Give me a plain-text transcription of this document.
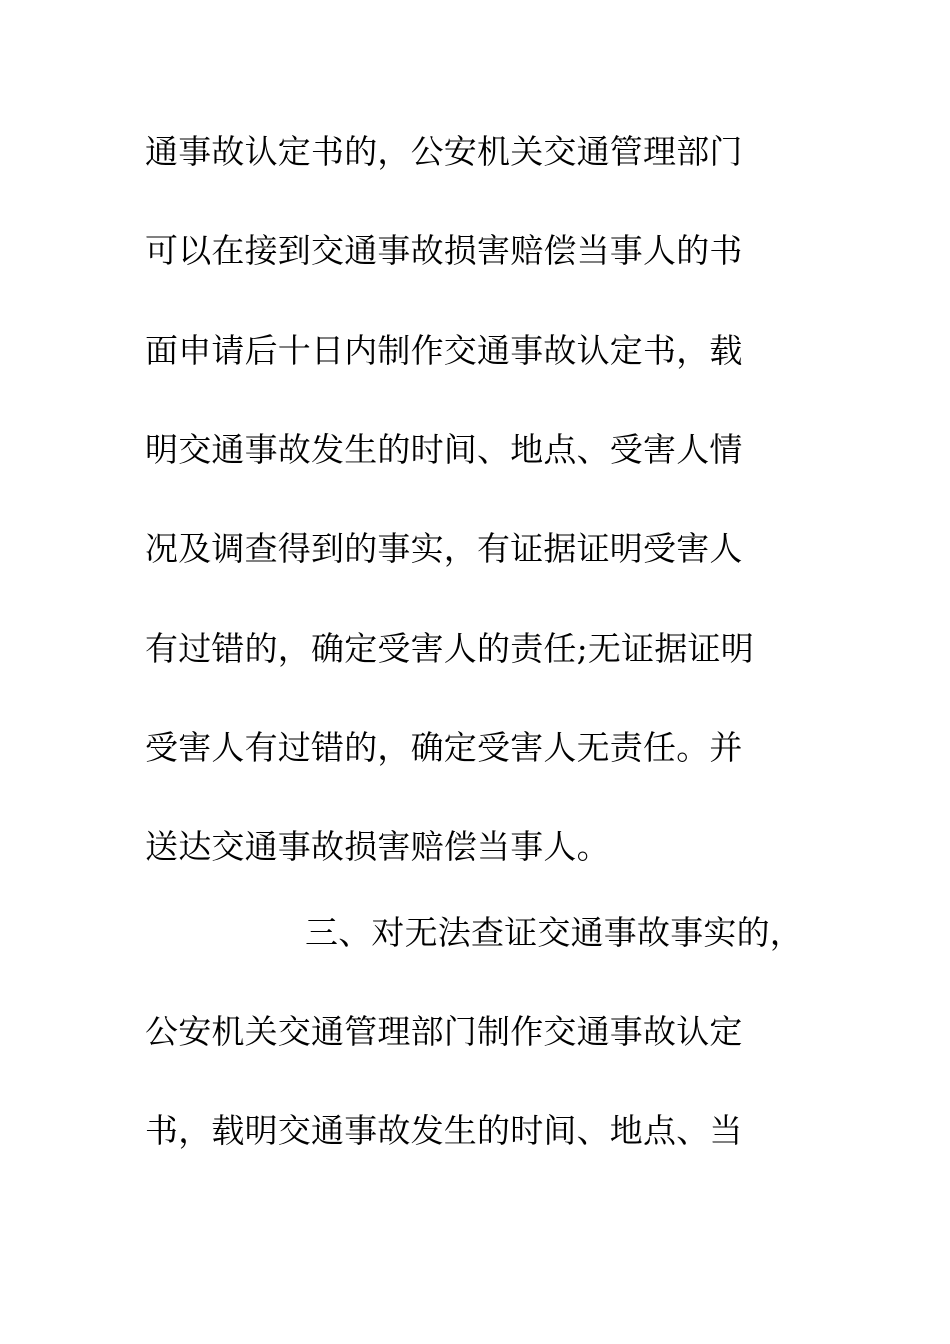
通事故认定书的，公安机关交通管理部门
可以在接到交通事故损害赔偿当事人的书
面申请后十日内制作交通事故认定书，载
明交通事故发生的时间、地点、受害人情
况及调查得到的事实，有证据证明受害人
有过错的，确定受害人的责任;无证据证明
受害人有过错的，确定受害人无责任。并
送达交通事故损害赔偿当事人。
三、对无法查证交通事故事实的，
公安机关交通管理部门制作交通事故认定
书，载明交通事故发生的时间、地点、当
